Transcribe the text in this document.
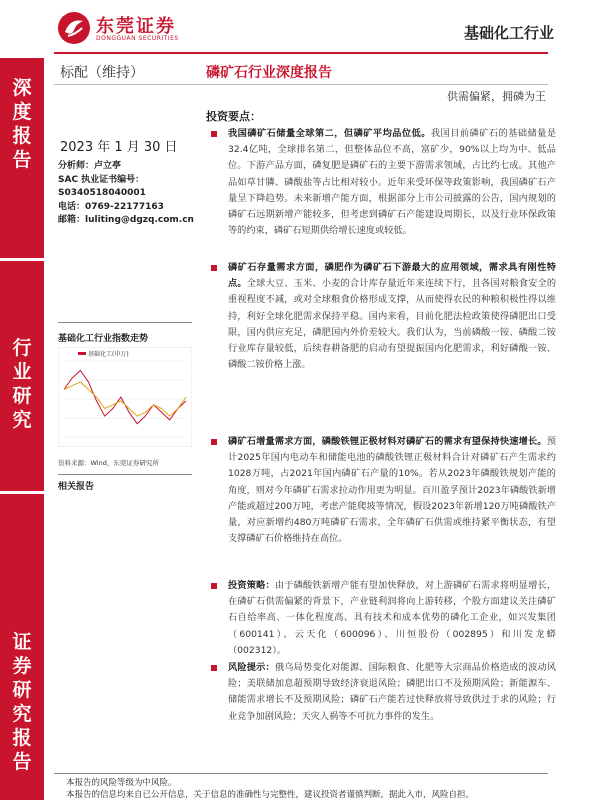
东莞证券
DONGGUAN SECURITIES	基础化工行业
深
度
报
告
行
业
研
究
证
券
研
究
报
告
标配（维持）	磷矿石行业深度报告
供需偏紧，拥磷为王
2023 年 1 月 30 日
分析师：卢立亭
SAC 执业证书编号：
S0340518040001
电话：0769-22177163
邮箱：luliting@dgzq.com.cn
基础化工行业指数走势
基础化工(申万)
资料来源：Wind，东莞证券研究所
相关报告
投资要点：
我国磷矿石储量全球第二，但磷矿平均品位低。我国目前磷矿石的基础储量是32.4亿吨，全球排名第二，但整体品位不高，富矿少，90%以上均为中、低品位。下游产品方面，磷复肥是磷矿石的主要下游需求领域，占比约七成。其他产品如草甘膦、磷酸盐等占比相对较小。近年来受环保等政策影响，我国磷矿石产量呈下降趋势。未来新增产能方面，根据部分上市公司披露的公告，国内规划的磷矿石远期新增产能较多，但考虑到磷矿石产能建设周期长，以及行业环保政策等的约束，磷矿石短期供给增长速度或较低。
磷矿石存量需求方面，磷肥作为磷矿石下游最大的应用领域，需求具有刚性特点。全球大豆、玉米、小麦的合计库存量近年来连续下行，且各国对粮食安全的重视程度不减，或对全球粮食价格形成支撑，从而使得农民的种粮积极性得以维持，利好全球化肥需求保持平稳。国内来看，目前化肥法检政策使得磷肥出口受限，国内供应充足，磷肥国内外价差较大。我们认为，当前磷酸一铵、磷酸二铵行业库存量较低，后续春耕备肥的启动有望提振国内化肥需求，利好磷酸一铵、磷酸二铵价格上涨。
磷矿石增量需求方面，磷酸铁锂正极材料对磷矿石的需求有望保持快速增长。预计2025年国内电动车和储能电池的磷酸铁锂正极材料合计对磷矿石产生需求约1028万吨，占2021年国内磷矿石产量的10%。若从2023年磷酸铁规划产能的角度，则对今年磷矿石需求拉动作用更为明显。百川盈孚预计2023年磷酸铁新增产能或超过200万吨，考虑产能爬坡等情况，假设2023年新增120万吨磷酸铁产量，对应新增约480万吨磷矿石需求，全年磷矿石供需或维持紧平衡状态，有望支撑磷矿石价格维持在高位。
投资策略：由于磷酸铁新增产能有望加快释放，对上游磷矿石需求将明显增长，在磷矿石供需偏紧的背景下，产业链利润将向上游转移，个股方面建议关注磷矿石自给率高、一体化程度高、具有技术和成本优势的磷化工企业，如兴发集团（600141）、云天化（600096）、川恒股份（002895）和川发龙蟒（002312）。
风险提示：俄乌局势变化对能源、国际粮食、化肥等大宗商品价格造成的波动风险；美联储加息超预期导致经济衰退风险；磷肥出口不及预期风险；新能源车、储能需求增长不及预期风险；磷矿石产能若过快释放将导致供过于求的风险；行业竞争加剧风险；天灾人祸等不可抗力事件的发生。
本报告的风险等级为中风险。
本报告的信息均来自已公开信息，关于信息的准确性与完整性，建议投资者谨慎判断，据此入市，风险自担。
